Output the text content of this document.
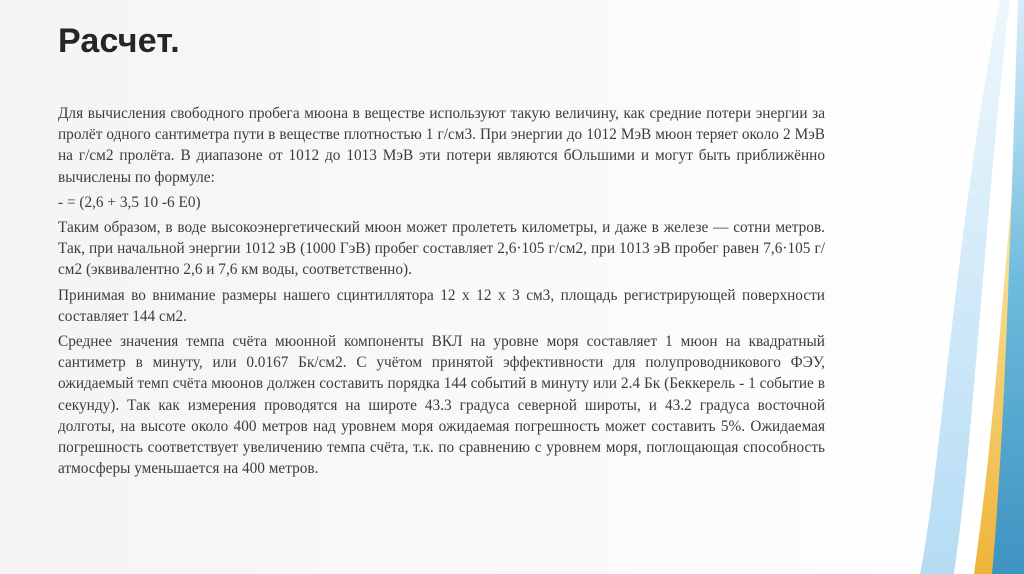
Расчет.

Для вычисления свободного пробега мюона в веществе используют такую величину, как средние потери энергии за пролёт одного сантиметра пути в веществе плотностью 1 г/см3. При энергии до 1012 МэВ мюон теряет около 2 МэВ на г/см2 пролёта. В диапазоне от 1012 до 1013 МэВ эти потери являются бОльшими и могут быть приближённо вычислены по формуле:

- = (2,6 + 3,5 10 -6 E0)

Таким образом, в воде высокоэнергетический мюон может пролететь километры, и даже в железе — сотни метров. Так, при начальной энергии 1012 эВ (1000 ГэВ) пробег составляет 2,6·105 г/см2, при 1013 эВ пробег равен 7,6·105 г/см2 (эквивалентно 2,6 и 7,6 км воды, соответственно).

Принимая во внимание размеры нашего сцинтиллятора 12 x 12 x 3 см3, площадь регистрирующей поверхности составляет 144 см2.

Среднее значения темпа счёта мюонной компоненты ВКЛ на уровне моря составляет 1 мюон на квадратный сантиметр в минуту, или 0.0167 Бк/см2. С учётом принятой эффективности для полупроводникового ФЭУ, ожидаемый темп счёта мюонов должен составить порядка 144 событий в минуту или 2.4 Бк (Беккерель - 1 событие в секунду). Так как измерения проводятся на широте 43.3 градуса северной широты, и 43.2 градуса восточной долготы, на высоте около 400 метров над уровнем моря ожидаемая погрешность может составить 5%. Ожидаемая погрешность соответствует увеличению темпа счёта, т.к. по сравнению с уровнем моря, поглощающая способность атмосферы уменьшается на 400 метров.
